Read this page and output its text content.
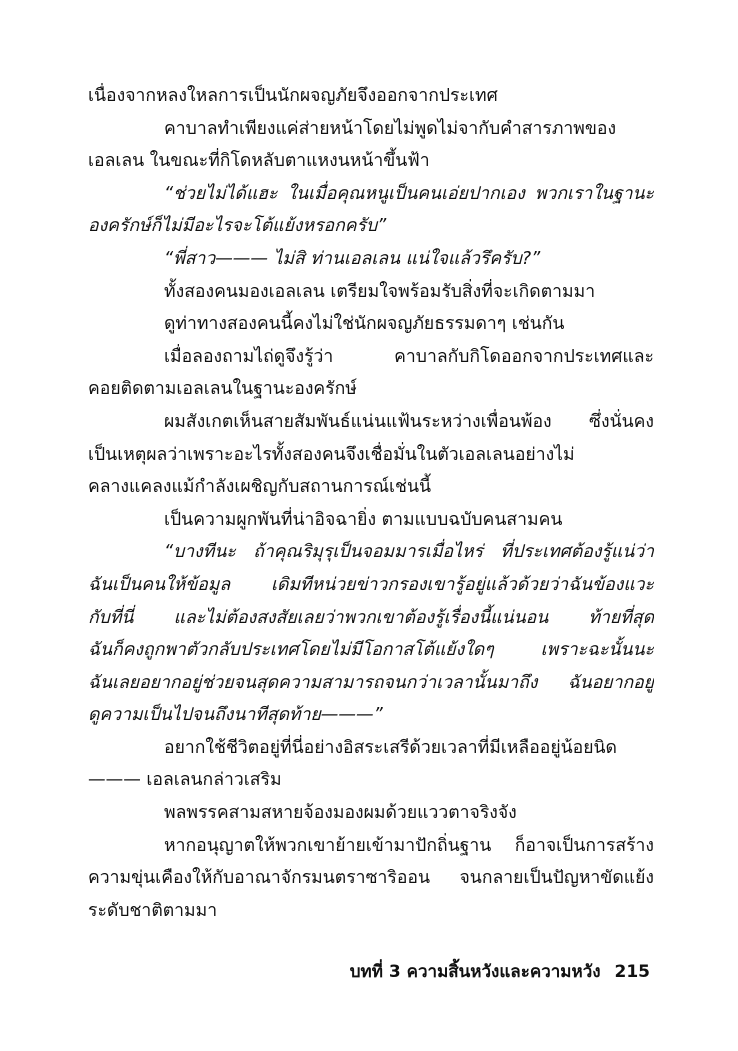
เนื่องจากหลงใหลการเป็นนักผจญภัยจึงออกจากประเทศ
คาบาลทำเพียงแค่ส่ายหน้าโดยไม่พูดไม่จากับคำสารภาพของ
เอลเลน ในขณะที่กิโดหลับตาแหงนหน้าขึ้นฟ้า
“ช่วยไม่ได้แฮะ ในเมื่อคุณหนูเป็นคนเอ่ยปากเอง พวกเราในฐานะ
องครักษ์ก็ไม่มีอะไรจะโต้แย้งหรอกครับ”
“พี่สาว——— ไม่สิ ท่านเอลเลน แน่ใจแล้วรึครับ?”
ทั้งสองคนมองเอลเลน เตรียมใจพร้อมรับสิ่งที่จะเกิดตามมา
ดูท่าทางสองคนนี้คงไม่ใช่นักผจญภัยธรรมดาๆ เช่นกัน
เมื่อลองถามไถ่ดูจึงรู้ว่า คาบาลกับกิโดออกจากประเทศและ
คอยติดตามเอลเลนในฐานะองครักษ์
ผมสังเกตเห็นสายสัมพันธ์แน่นแฟ้นระหว่างเพื่อนพ้อง ซึ่งนั่นคง
เป็นเหตุผลว่าเพราะอะไรทั้งสองคนจึงเชื่อมั่นในตัวเอลเลนอย่างไม่
คลางแคลงแม้กำลังเผชิญกับสถานการณ์เช่นนี้
เป็นความผูกพันที่น่าอิจฉายิ่ง ตามแบบฉบับคนสามคน
“บางทีนะ ถ้าคุณริมุรุเป็นจอมมารเมื่อไหร่ ที่ประเทศต้องรู้แน่ว่า
ฉันเป็นคนให้ข้อมูล เดิมทีหน่วยข่าวกรองเขารู้อยู่แล้วด้วยว่าฉันข้องแวะ
กับที่นี่ และไม่ต้องสงสัยเลยว่าพวกเขาต้องรู้เรื่องนี้แน่นอน ท้ายที่สุด
ฉันก็คงถูกพาตัวกลับประเทศโดยไม่มีโอกาสโต้แย้งใดๆ เพราะฉะนั้นนะ
ฉันเลยอยากอยู่ช่วยจนสุดความสามารถจนกว่าเวลานั้นมาถึง ฉันอยากอยู่
ดูความเป็นไปจนถึงนาทีสุดท้าย———”
อยากใช้ชีวิตอยู่ที่นี่อย่างอิสระเสรีด้วยเวลาที่มีเหลืออยู่น้อยนิด
——— เอลเลนกล่าวเสริม
พลพรรคสามสหายจ้องมองผมด้วยแววตาจริงจัง
หากอนุญาตให้พวกเขาย้ายเข้ามาปักถิ่นฐาน ก็อาจเป็นการสร้าง
ความขุ่นเคืองให้กับอาณาจักรมนตราซาริออน จนกลายเป็นปัญหาขัดแย้ง
ระดับชาติตามมา
บทที่ 3 ความสิ้นหวังและความหวัง 215
